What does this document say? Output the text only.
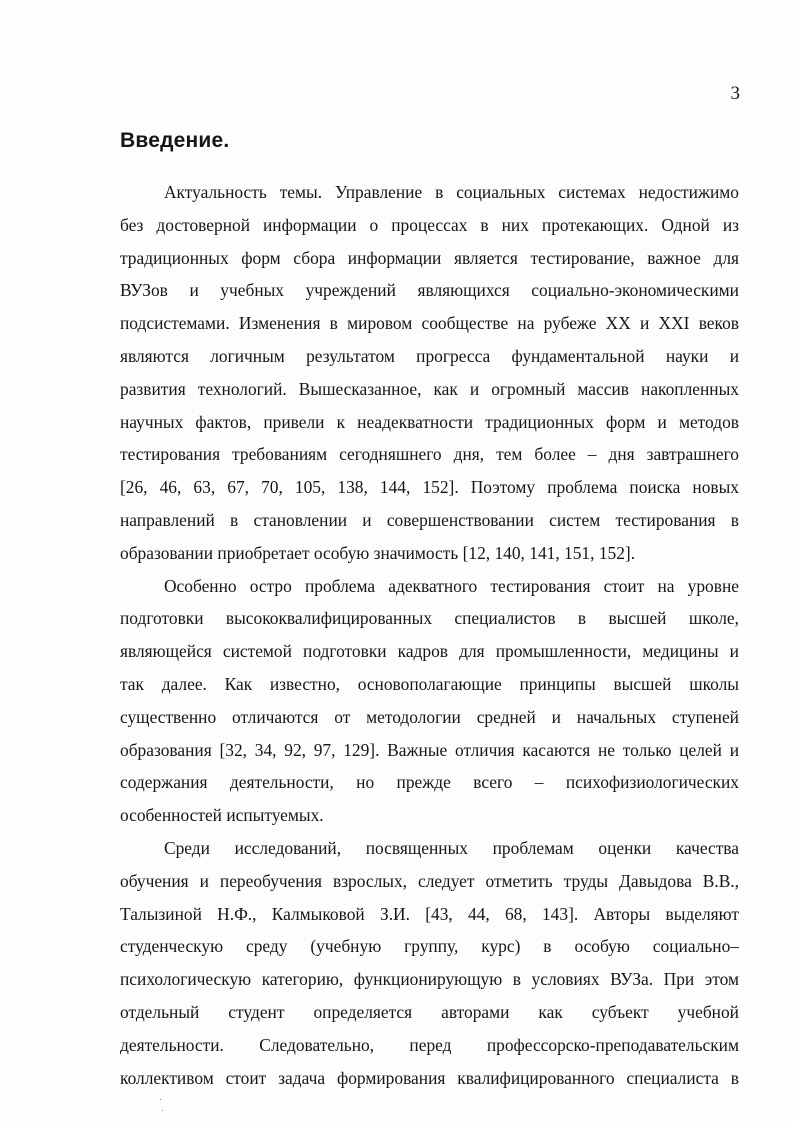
3
Введение.
Актуальность темы. Управление в социальных системах недостижимо
без достоверной информации о процессах в них протекающих. Одной из
традиционных форм сбора информации является тестирование, важное для
ВУЗов и учебных учреждений являющихся социально-экономическими
подсистемами. Изменения в мировом сообществе на рубеже XX и XXI веков
являются логичным результатом прогресса фундаментальной науки и
развития технологий. Вышесказанное, как и огромный массив накопленных
научных фактов, привели к неадекватности традиционных форм и методов
тестирования требованиям сегодняшнего дня, тем более – дня завтрашнего
[26, 46, 63, 67, 70, 105, 138, 144, 152]. Поэтому проблема поиска новых
направлений в становлении и совершенствовании систем тестирования в
образовании приобретает особую значимость [12, 140, 141, 151, 152].
Особенно остро проблема адекватного тестирования стоит на уровне
подготовки высококвалифицированных специалистов в высшей школе,
являющейся системой подготовки кадров для промышленности, медицины и
так далее. Как известно, основополагающие принципы высшей школы
существенно отличаются от методологии средней и начальных ступеней
образования [32, 34, 92, 97, 129]. Важные отличия касаются не только целей и
содержания деятельности, но прежде всего – психофизиологических
особенностей испытуемых.
Среди исследований, посвященных проблемам оценки качества
обучения и переобучения взрослых, следует отметить труды Давыдова В.В.,
Талызиной Н.Ф., Калмыковой З.И. [43, 44, 68, 143]. Авторы выделяют
студенческую среду (учебную группу, курс) в особую социально–
психологическую категорию, функционирующую в условиях ВУЗа. При этом
отдельный студент определяется авторами как субъект учебной
деятельности. Следовательно, перед профессорско-преподавательским
коллективом стоит задача формирования квалифицированного специалиста в
